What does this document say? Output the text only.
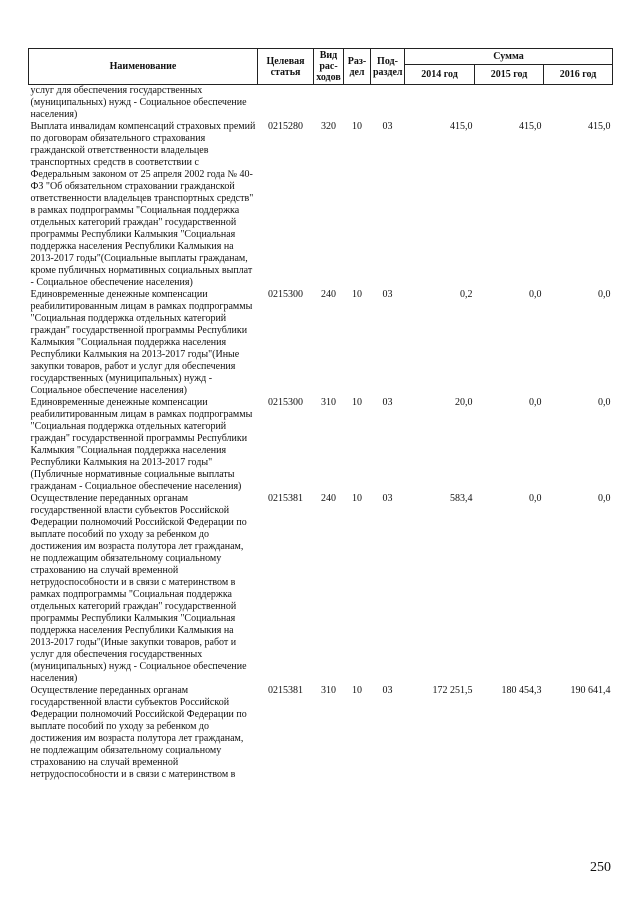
Наименование	Целевая статья	Вид рас-ходов	Раз-дел	Под-раздел	Сумма		
					2014 год	2015 год	2016 год
услуг для обеспечения государственных (муниципальных) нужд - Социальное обеспечение населения)							
Выплата инвалидам компенсаций страховых премий по договорам обязательного страхования гражданской ответственности владельцев транспортных средств в соответствии с Федеральным законом от 25 апреля 2002 года № 40-ФЗ "Об обязательном страховании гражданской ответственности владельцев транспортных средств" в рамках подпрограммы "Социальная поддержка отдельных категорий граждан" государственной программы Республики Калмыкия "Социальная поддержка населения Республики Калмыкия на 2013-2017 годы"(Социальные выплаты гражданам, кроме публичных нормативных социальных выплат - Социальное обеспечение населения)	0215280	320	10	03	415,0	415,0	415,0
Единовременные денежные компенсации реабилитированным лицам в рамках подпрограммы "Социальная поддержка отдельных категорий граждан" государственной программы Республики Калмыкия "Социальная поддержка населения Республики Калмыкия на 2013-2017 годы"(Иные закупки товаров, работ и услуг для обеспечения государственных (муниципальных) нужд - Социальное обеспечение населения)	0215300	240	10	03	0,2	0,0	0,0
Единовременные денежные компенсации реабилитированным лицам в рамках подпрограммы "Социальная поддержка отдельных категорий граждан" государственной программы Республики Калмыкия "Социальная поддержка населения Республики Калмыкия на 2013-2017 годы"(Публичные нормативные социальные выплаты гражданам - Социальное обеспечение населения)	0215300	310	10	03	20,0	0,0	0,0
Осуществление переданных органам государственной власти субъектов Российской Федерации полномочий Российской Федерации по выплате пособий по уходу за ребенком до достижения им возраста полутора лет гражданам, не подлежащим обязательному социальному страхованию на случай временной нетрудоспособности и в связи с материнством в рамках подпрограммы "Социальная поддержка отдельных категорий граждан" государственной программы Республики Калмыкия "Социальная поддержка населения Республики Калмыкия на 2013-2017 годы"(Иные закупки товаров, работ и услуг для обеспечения государственных (муниципальных) нужд - Социальное обеспечение населения)	0215381	240	10	03	583,4	0,0	0,0
Осуществление переданных органам государственной власти субъектов Российской Федерации полномочий Российской Федерации по выплате пособий по уходу за ребенком до достижения им возраста полутора лет гражданам, не подлежащим обязательному социальному страхованию на случай временной нетрудоспособности и в связи с материнством в	0215381	310	10	03	172 251,5	180 454,3	190 641,4
250
